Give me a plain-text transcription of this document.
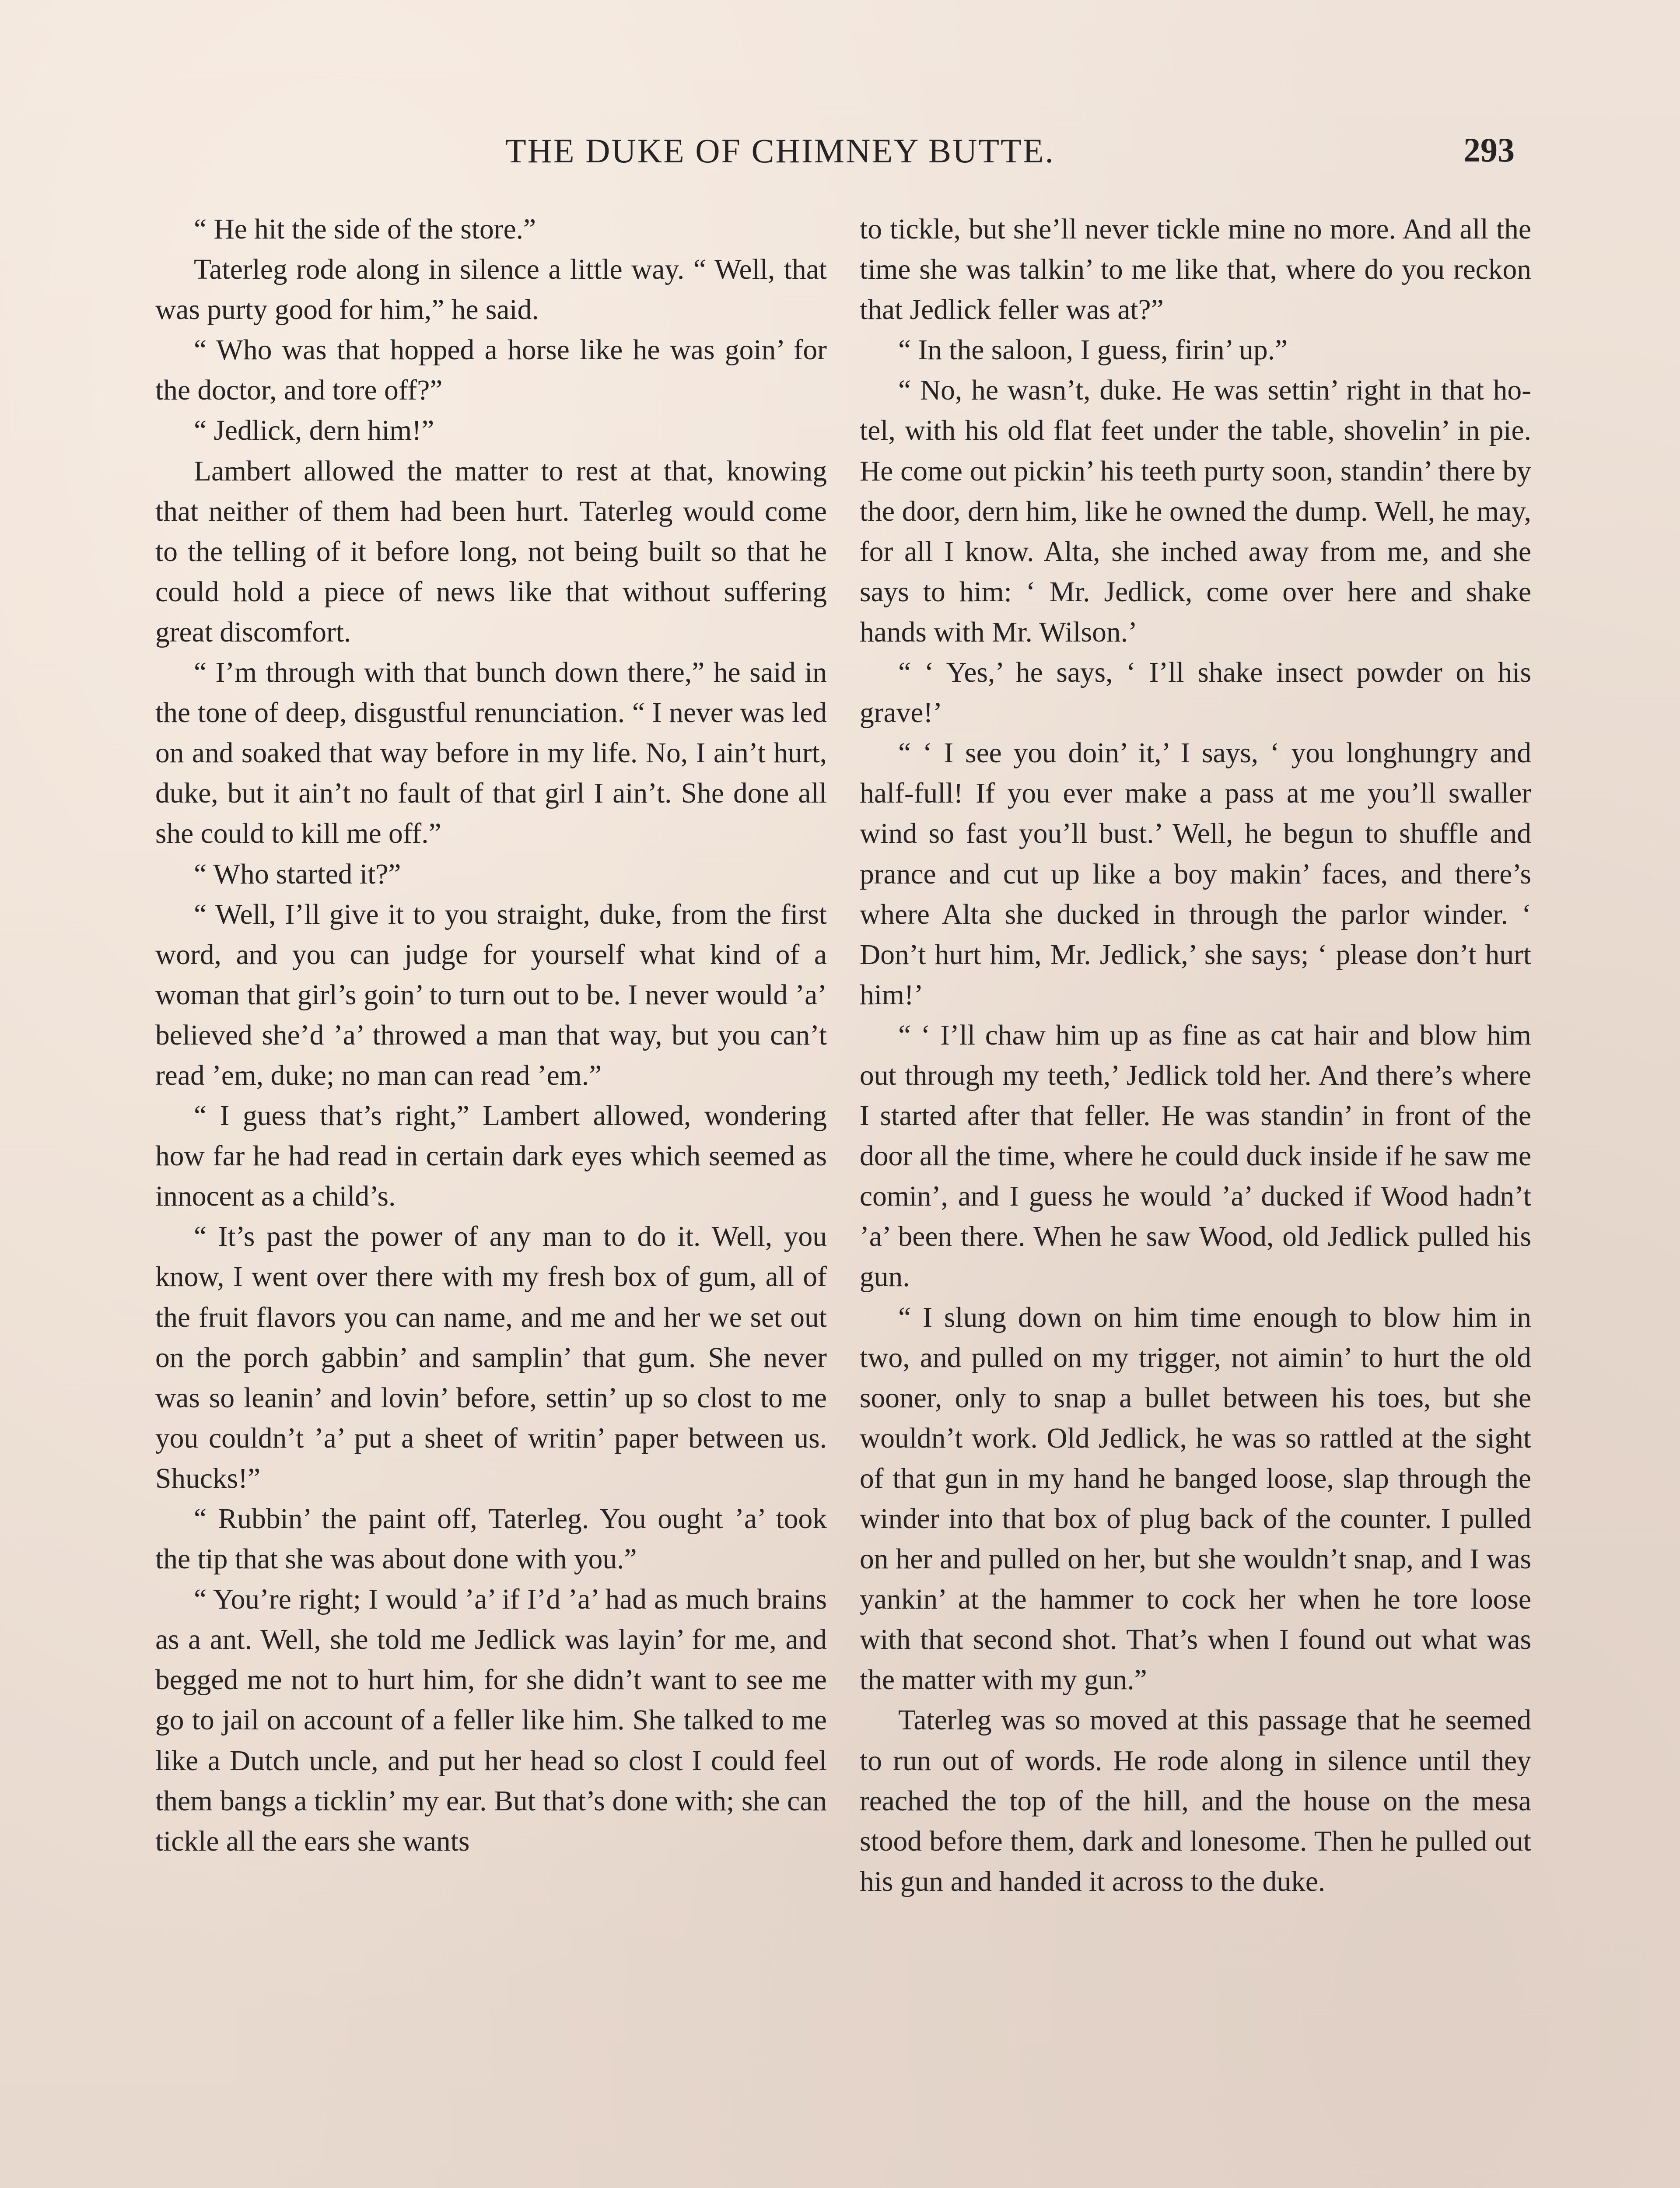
THE DUKE OF CHIMNEY BUTTE.	293

“ He hit the side of the store.”

Taterleg rode along in silence a little way. “ Well, that was purty good for him,” he said.

“ Who was that hopped a horse like he was goin’ for the doctor, and tore off?”

“ Jedlick, dern him!”

Lambert allowed the matter to rest at that, knowing that neither of them had been hurt. Taterleg would come to the telling of it before long, not being built so that he could hold a piece of news like that without suffering great discomfort.

“ I’m through with that bunch down there,” he said in the tone of deep, disgustful renunciation. “ I never was led on and soaked that way before in my life. No, I ain’t hurt, duke, but it ain’t no fault of that girl I ain’t. She done all she could to kill me off.”

“ Who started it?”

“ Well, I’ll give it to you straight, duke, from the first word, and you can judge for yourself what kind of a woman that girl’s goin’ to turn out to be. I never would ’a’ believed she’d ’a’ throwed a man that way, but you can’t read ’em, duke; no man can read ’em.”

“ I guess that’s right,” Lambert allowed, wondering how far he had read in certain dark eyes which seemed as innocent as a child’s.

“ It’s past the power of any man to do it. Well, you know, I went over there with my fresh box of gum, all of the fruit flavors you can name, and me and her we set out on the porch gabbin’ and samplin’ that gum. She never was so leanin’ and lovin’ before, settin’ up so clost to me you couldn’t ’a’ put a sheet of writin’ paper between us. Shucks!”

“ Rubbin’ the paint off, Taterleg. You ought ’a’ took the tip that she was about done with you.”

“ You’re right; I would ’a’ if I’d ’a’ had as much brains as a ant. Well, she told me Jedlick was layin’ for me, and begged me not to hurt him, for she didn’t want to see me go to jail on account of a feller like him. She talked to me like a Dutch uncle, and put her head so clost I could feel them bangs a ticklin’ my ear. But that’s done with; she can tickle all the ears she wants

to tickle, but she’ll never tickle mine no more. And all the time she was talkin’ to me like that, where do you reckon that Jedlick feller was at?”

“ In the saloon, I guess, firin’ up.”

“ No, he wasn’t, duke. He was settin’ right in that ho-tel, with his old flat feet under the table, shovelin’ in pie. He come out pickin’ his teeth purty soon, standin’ there by the door, dern him, like he owned the dump. Well, he may, for all I know. Alta, she inched away from me, and she says to him: ‘ Mr. Jedlick, come over here and shake hands with Mr. Wilson.’

“ ‘ Yes,’ he says, ‘ I’ll shake insect powder on his grave!’

“ ‘ I see you doin’ it,’ I says, ‘ you longhungry and half-full! If you ever make a pass at me you’ll swaller wind so fast you’ll bust.’ Well, he begun to shuffle and prance and cut up like a boy makin’ faces, and there’s where Alta she ducked in through the parlor winder. ‘ Don’t hurt him, Mr. Jedlick,’ she says; ‘ please don’t hurt him!’

“ ‘ I’ll chaw him up as fine as cat hair and blow him out through my teeth,’ Jedlick told her. And there’s where I started after that feller. He was standin’ in front of the door all the time, where he could duck inside if he saw me comin’, and I guess he would ’a’ ducked if Wood hadn’t ’a’ been there. When he saw Wood, old Jedlick pulled his gun.

“ I slung down on him time enough to blow him in two, and pulled on my trigger, not aimin’ to hurt the old sooner, only to snap a bullet between his toes, but she wouldn’t work. Old Jedlick, he was so rattled at the sight of that gun in my hand he banged loose, slap through the winder into that box of plug back of the counter. I pulled on her and pulled on her, but she wouldn’t snap, and I was yankin’ at the hammer to cock her when he tore loose with that second shot. That’s when I found out what was the matter with my gun.”

Taterleg was so moved at this passage that he seemed to run out of words. He rode along in silence until they reached the top of the hill, and the house on the mesa stood before them, dark and lonesome. Then he pulled out his gun and handed it across to the duke.
